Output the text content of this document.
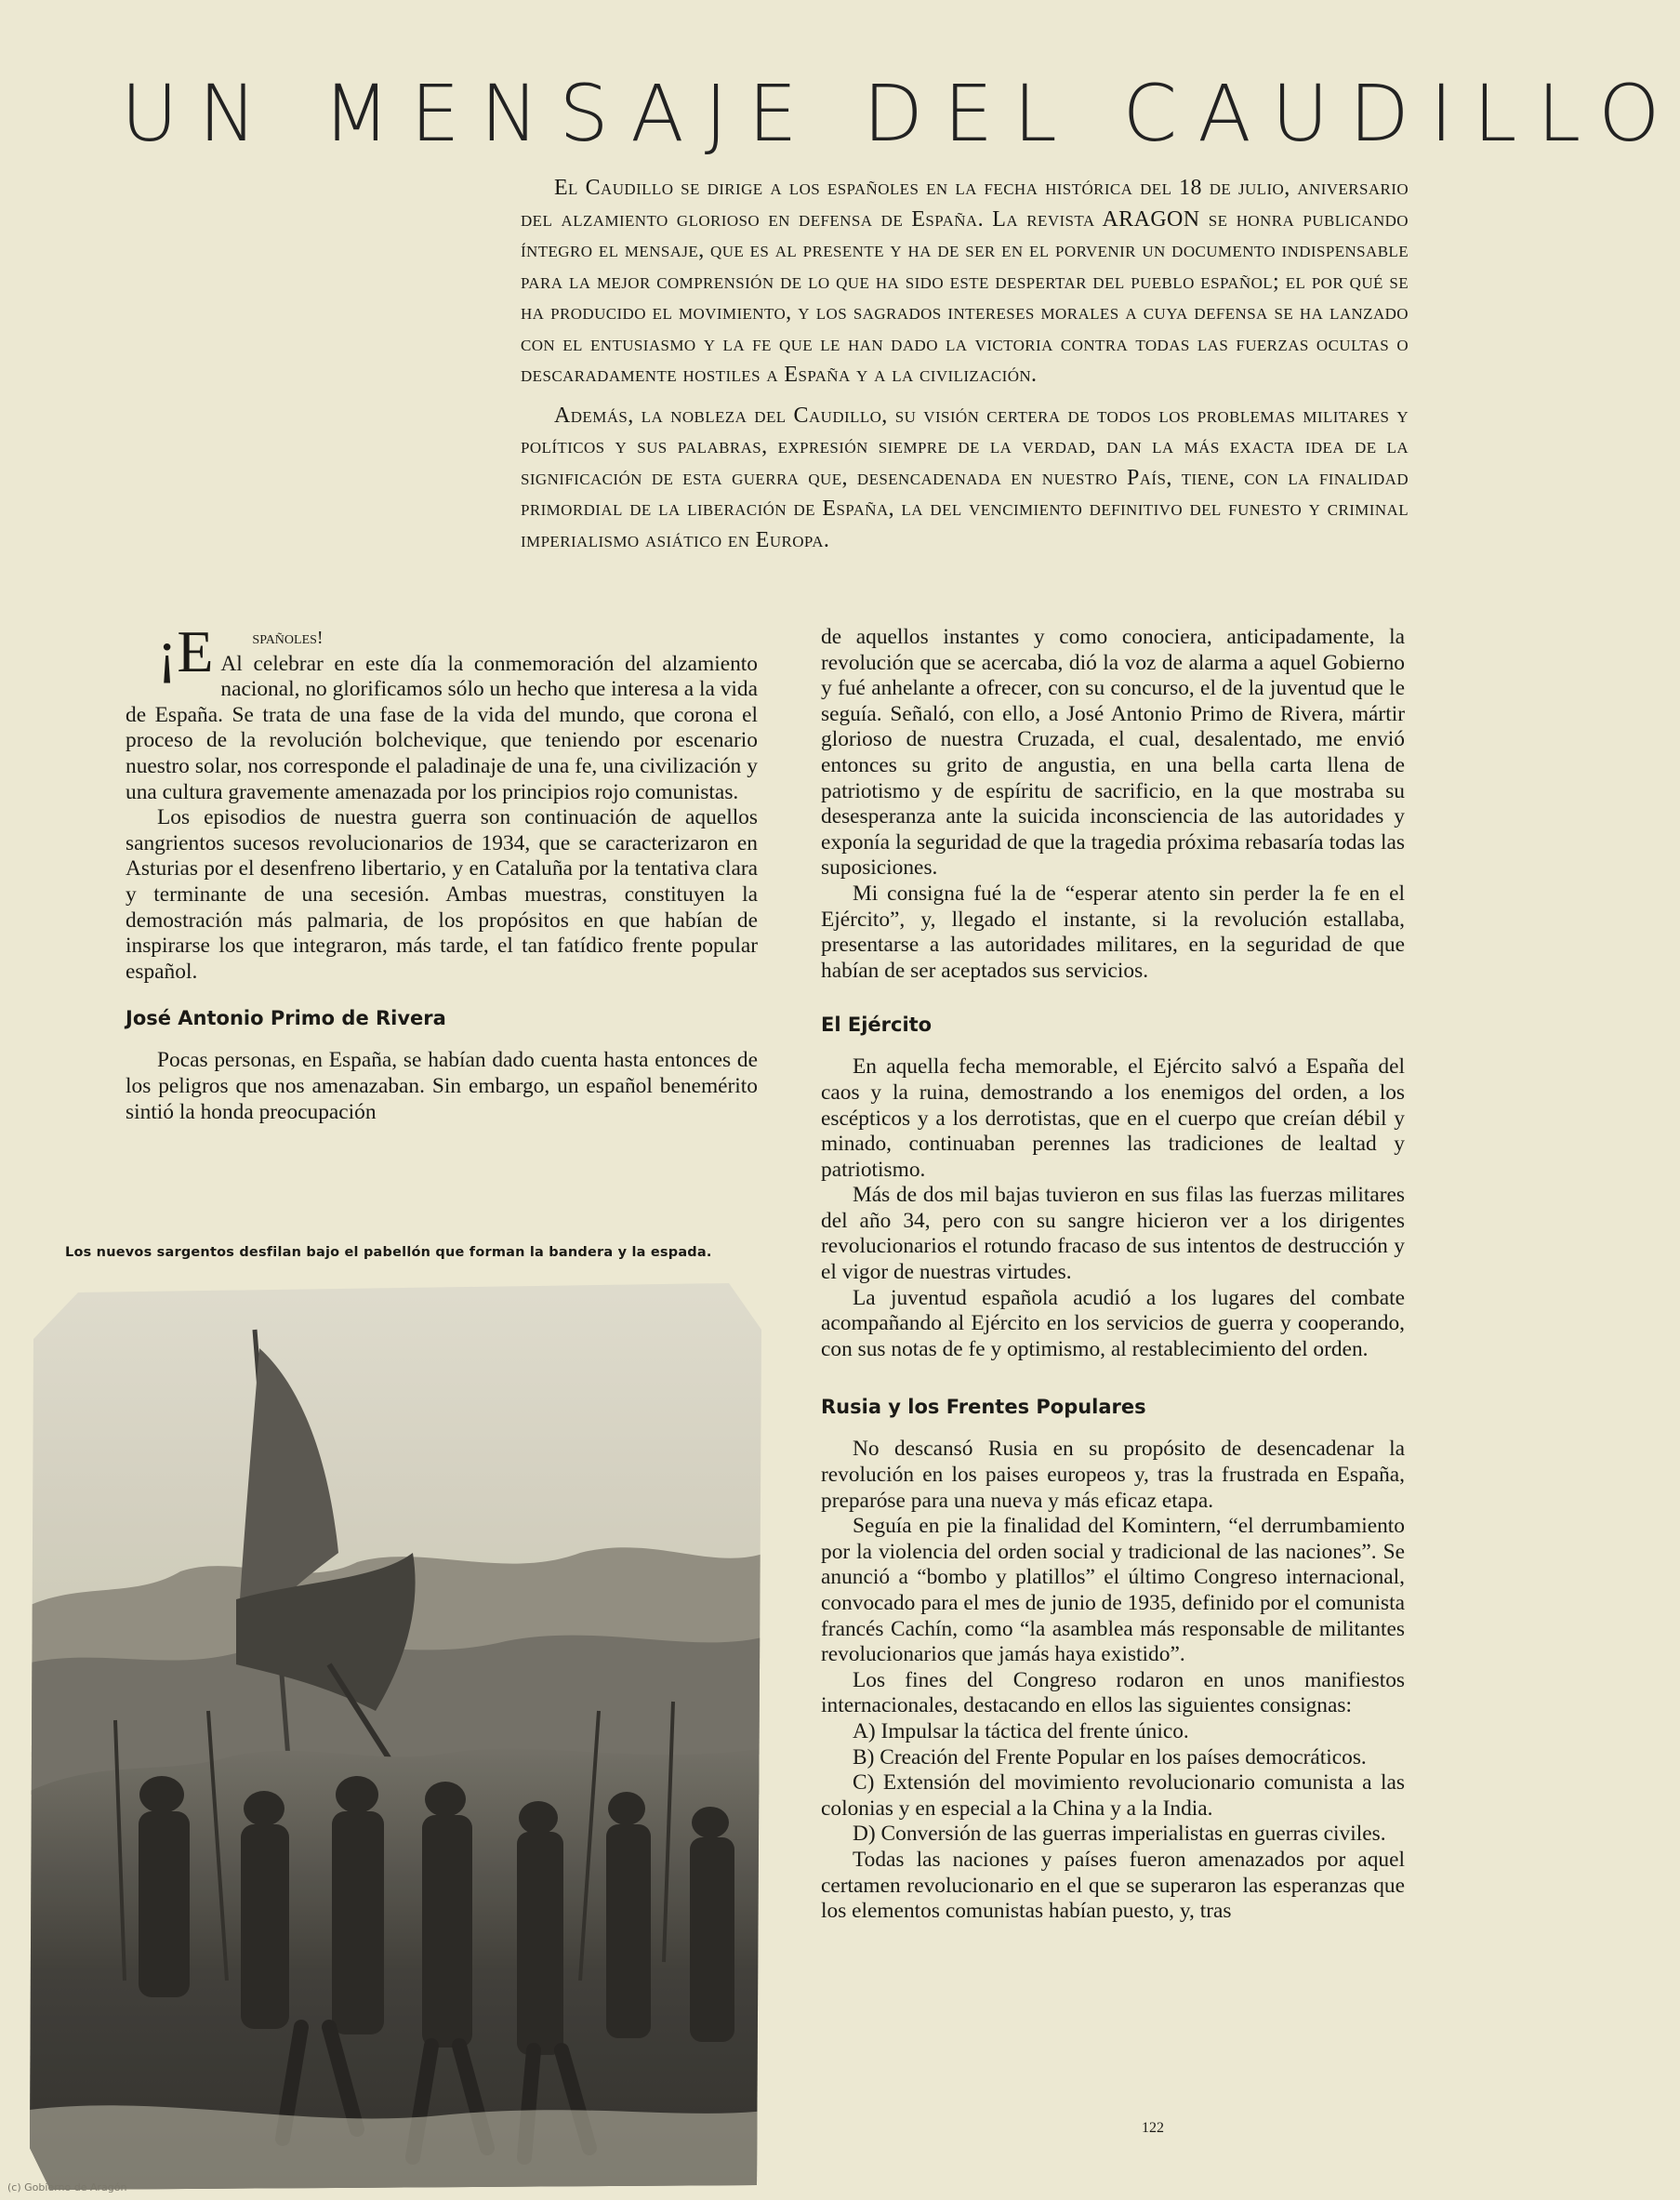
UN MENSAJE DEL CAUDILLO

El Caudillo se dirige a los españoles en la fecha histórica del 18 de julio, aniversario del alzamiento glorioso en defensa de España. La revista ARAGON se honra publicando íntegro el mensaje, que es al presente y ha de ser en el porvenir un documento indispensable para la mejor comprensión de lo que ha sido este despertar del pueblo español; el por qué se ha producido el movimiento, y los sagrados intereses morales a cuya defensa se ha lanzado con el entusiasmo y la fe que le han dado la victoria contra todas las fuerzas ocultas o descaradamente hostiles a España y a la civilización.

Además, la nobleza del Caudillo, su visión certera de todos los problemas militares y políticos y sus palabras, expresión siempre de la verdad, dan la más exacta idea de la significación de esta guerra que, desencadenada en nuestro País, tiene, con la finalidad primordial de la liberación de España, la del vencimiento definitivo del funesto y criminal imperialismo asiático en Europa.

¡E spañoles!
Al celebrar en este día la conmemoración del alzamiento nacional, no glorificamos sólo un hecho que interesa a la vida de España. Se trata de una fase de la vida del mundo, que corona el proceso de la revolución bolchevique, que teniendo por escenario nuestro solar, nos corresponde el paladinaje de una fe, una civilización y una cultura gravemente amenazada por los principios rojo comunistas.

Los episodios de nuestra guerra son continuación de aquellos sangrientos sucesos revolucionarios de 1934, que se caracterizaron en Asturias por el desenfreno libertario, y en Cataluña por la tentativa clara y terminante de una secesión. Ambas muestras, constituyen la demostración más palmaria, de los propósitos en que habían de inspirarse los que integraron, más tarde, el tan fatídico frente popular español.

José Antonio Primo de Rivera

Pocas personas, en España, se habían dado cuenta hasta entonces de los peligros que nos amenazaban. Sin embargo, un español benemérito sintió la honda preocupación

de aquellos instantes y como conociera, anticipadamente, la revolución que se acercaba, dió la voz de alarma a aquel Gobierno y fué anhelante a ofrecer, con su concurso, el de la juventud que le seguía. Señaló, con ello, a José Antonio Primo de Rivera, mártir glorioso de nuestra Cruzada, el cual, desalentado, me envió entonces su grito de angustia, en una bella carta llena de patriotismo y de espíritu de sacrificio, en la que mostraba su desesperanza ante la suicida inconsciencia de las autoridades y exponía la seguridad de que la tragedia próxima rebasaría todas las suposiciones.

Mi consigna fué la de “esperar atento sin perder la fe en el Ejército”, y, llegado el instante, si la revolución estallaba, presentarse a las autoridades militares, en la seguridad de que habían de ser aceptados sus servicios.

El Ejército

En aquella fecha memorable, el Ejército salvó a España del caos y la ruina, demostrando a los enemigos del orden, a los escépticos y a los derrotistas, que en el cuerpo que creían débil y minado, continuaban perennes las tradiciones de lealtad y patriotismo.

Más de dos mil bajas tuvieron en sus filas las fuerzas militares del año 34, pero con su sangre hicieron ver a los dirigentes revolucionarios el rotundo fracaso de sus intentos de destrucción y el vigor de nuestras virtudes.

La juventud española acudió a los lugares del combate acompañando al Ejército en los servicios de guerra y cooperando, con sus notas de fe y optimismo, al restablecimiento del orden.

Rusia y los Frentes Populares

No descansó Rusia en su propósito de desencadenar la revolución en los paises europeos y, tras la frustrada en España, preparóse para una nueva y más eficaz etapa.

Seguía en pie la finalidad del Komintern, “el derrumbamiento por la violencia del orden social y tradicional de las naciones”. Se anunció a “bombo y platillos” el último Congreso internacional, convocado para el mes de junio de 1935, definido por el comunista francés Cachín, como “la asamblea más responsable de militantes revolucionarios que jamás haya existido”.

Los fines del Congreso rodaron en unos manifiestos internacionales, destacando en ellos las siguientes consignas:

A) Impulsar la táctica del frente único.

B) Creación del Frente Popular en los países democráticos.

C) Extensión del movimiento revolucionario comunista a las colonias y en especial a la China y a la India.

D) Conversión de las guerras imperialistas en guerras civiles.

Todas las naciones y países fueron amenazados por aquel certamen revolucionario en el que se superaron las esperanzas que los elementos comunistas habían puesto, y, tras

Los nuevos sargentos desfilan bajo el pabellón que forman la bandera y la espada.
122
(c) Gobierno de Aragón
